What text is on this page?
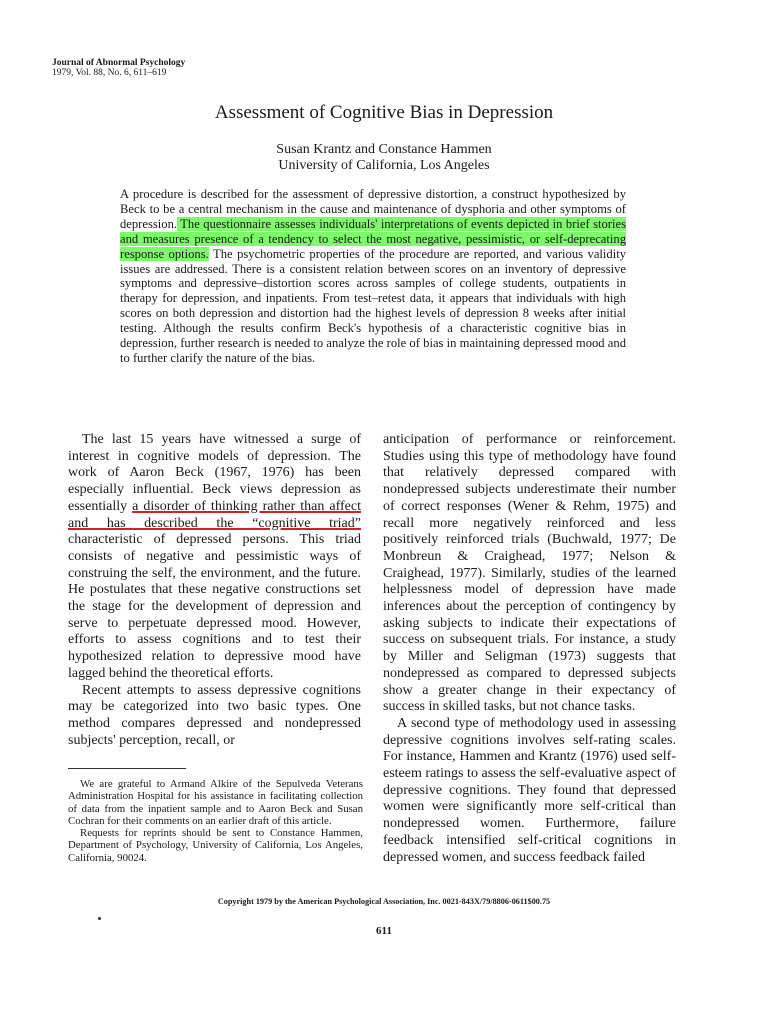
Journal of Abnormal Psychology
1979, Vol. 88, No. 6, 611–619
Assessment of Cognitive Bias in Depression
Susan Krantz and Constance Hammen
University of California, Los Angeles

A procedure is described for the assessment of depressive distortion, a construct hypothesized by Beck to be a central mechanism in the cause and maintenance of dysphoria and other symptoms of depression. The questionnaire assesses individuals' interpretations of events depicted in brief stories and measures presence of a tendency to select the most negative, pessimistic, or self-deprecating response options. The psychometric properties of the procedure are reported, and various validity issues are addressed. There is a consistent relation between scores on an inventory of depressive symptoms and depressive–distortion scores across samples of college students, outpatients in therapy for depression, and inpatients. From test–retest data, it appears that individuals with high scores on both depression and distortion had the highest levels of depression 8 weeks after initial testing. Although the results confirm Beck's hypothesis of a characteristic cognitive bias in depression, further research is needed to analyze the role of bias in maintaining depressed mood and to further clarify the nature of the bias.

The last 15 years have witnessed a surge of interest in cognitive models of depression. The work of Aaron Beck (1967, 1976) has been especially influential. Beck views depression as essentially a disorder of thinking rather than affect and has described the “cognitive triad” characteristic of depressed persons. This triad consists of negative and pessimistic ways of construing the self, the environment, and the future. He postulates that these negative constructions set the stage for the development of depression and serve to perpetuate depressed mood. However, efforts to assess cognitions and to test their hypothesized relation to depressive mood have lagged behind the theoretical efforts.

Recent attempts to assess depressive cognitions may be categorized into two basic types. One method compares depressed and nondepressed subjects' perception, recall, or

anticipation of performance or reinforcement. Studies using this type of methodology have found that relatively depressed compared with nondepressed subjects underestimate their number of correct responses (Wener & Rehm, 1975) and recall more negatively reinforced and less positively reinforced trials (Buchwald, 1977; De Monbreun & Craighead, 1977; Nelson & Craighead, 1977). Similarly, studies of the learned helplessness model of depression have made inferences about the perception of contingency by asking subjects to indicate their expectations of success on subsequent trials. For instance, a study by Miller and Seligman (1973) suggests that nondepressed as compared to depressed subjects show a greater change in their expectancy of success in skilled tasks, but not chance tasks.

A second type of methodology used in assessing depressive cognitions involves self-rating scales. For instance, Hammen and Krantz (1976) used self-esteem ratings to assess the self-evaluative aspect of depressive cognitions. They found that depressed women were significantly more self-critical than nondepressed women. Furthermore, failure feedback intensified self-critical cognitions in depressed women, and success feedback failed

We are grateful to Armand Alkire of the Sepulveda Veterans Administration Hospital for his assistance in facilitating collection of data from the inpatient sample and to Aaron Beck and Susan Cochran for their comments on an earlier draft of this article.

Requests for reprints should be sent to Constance Hammen, Department of Psychology, University of California, Los Angeles, California, 90024.

Copyright 1979 by the American Psychological Association, Inc. 0021-843X/79/8806-0611$00.75
611
